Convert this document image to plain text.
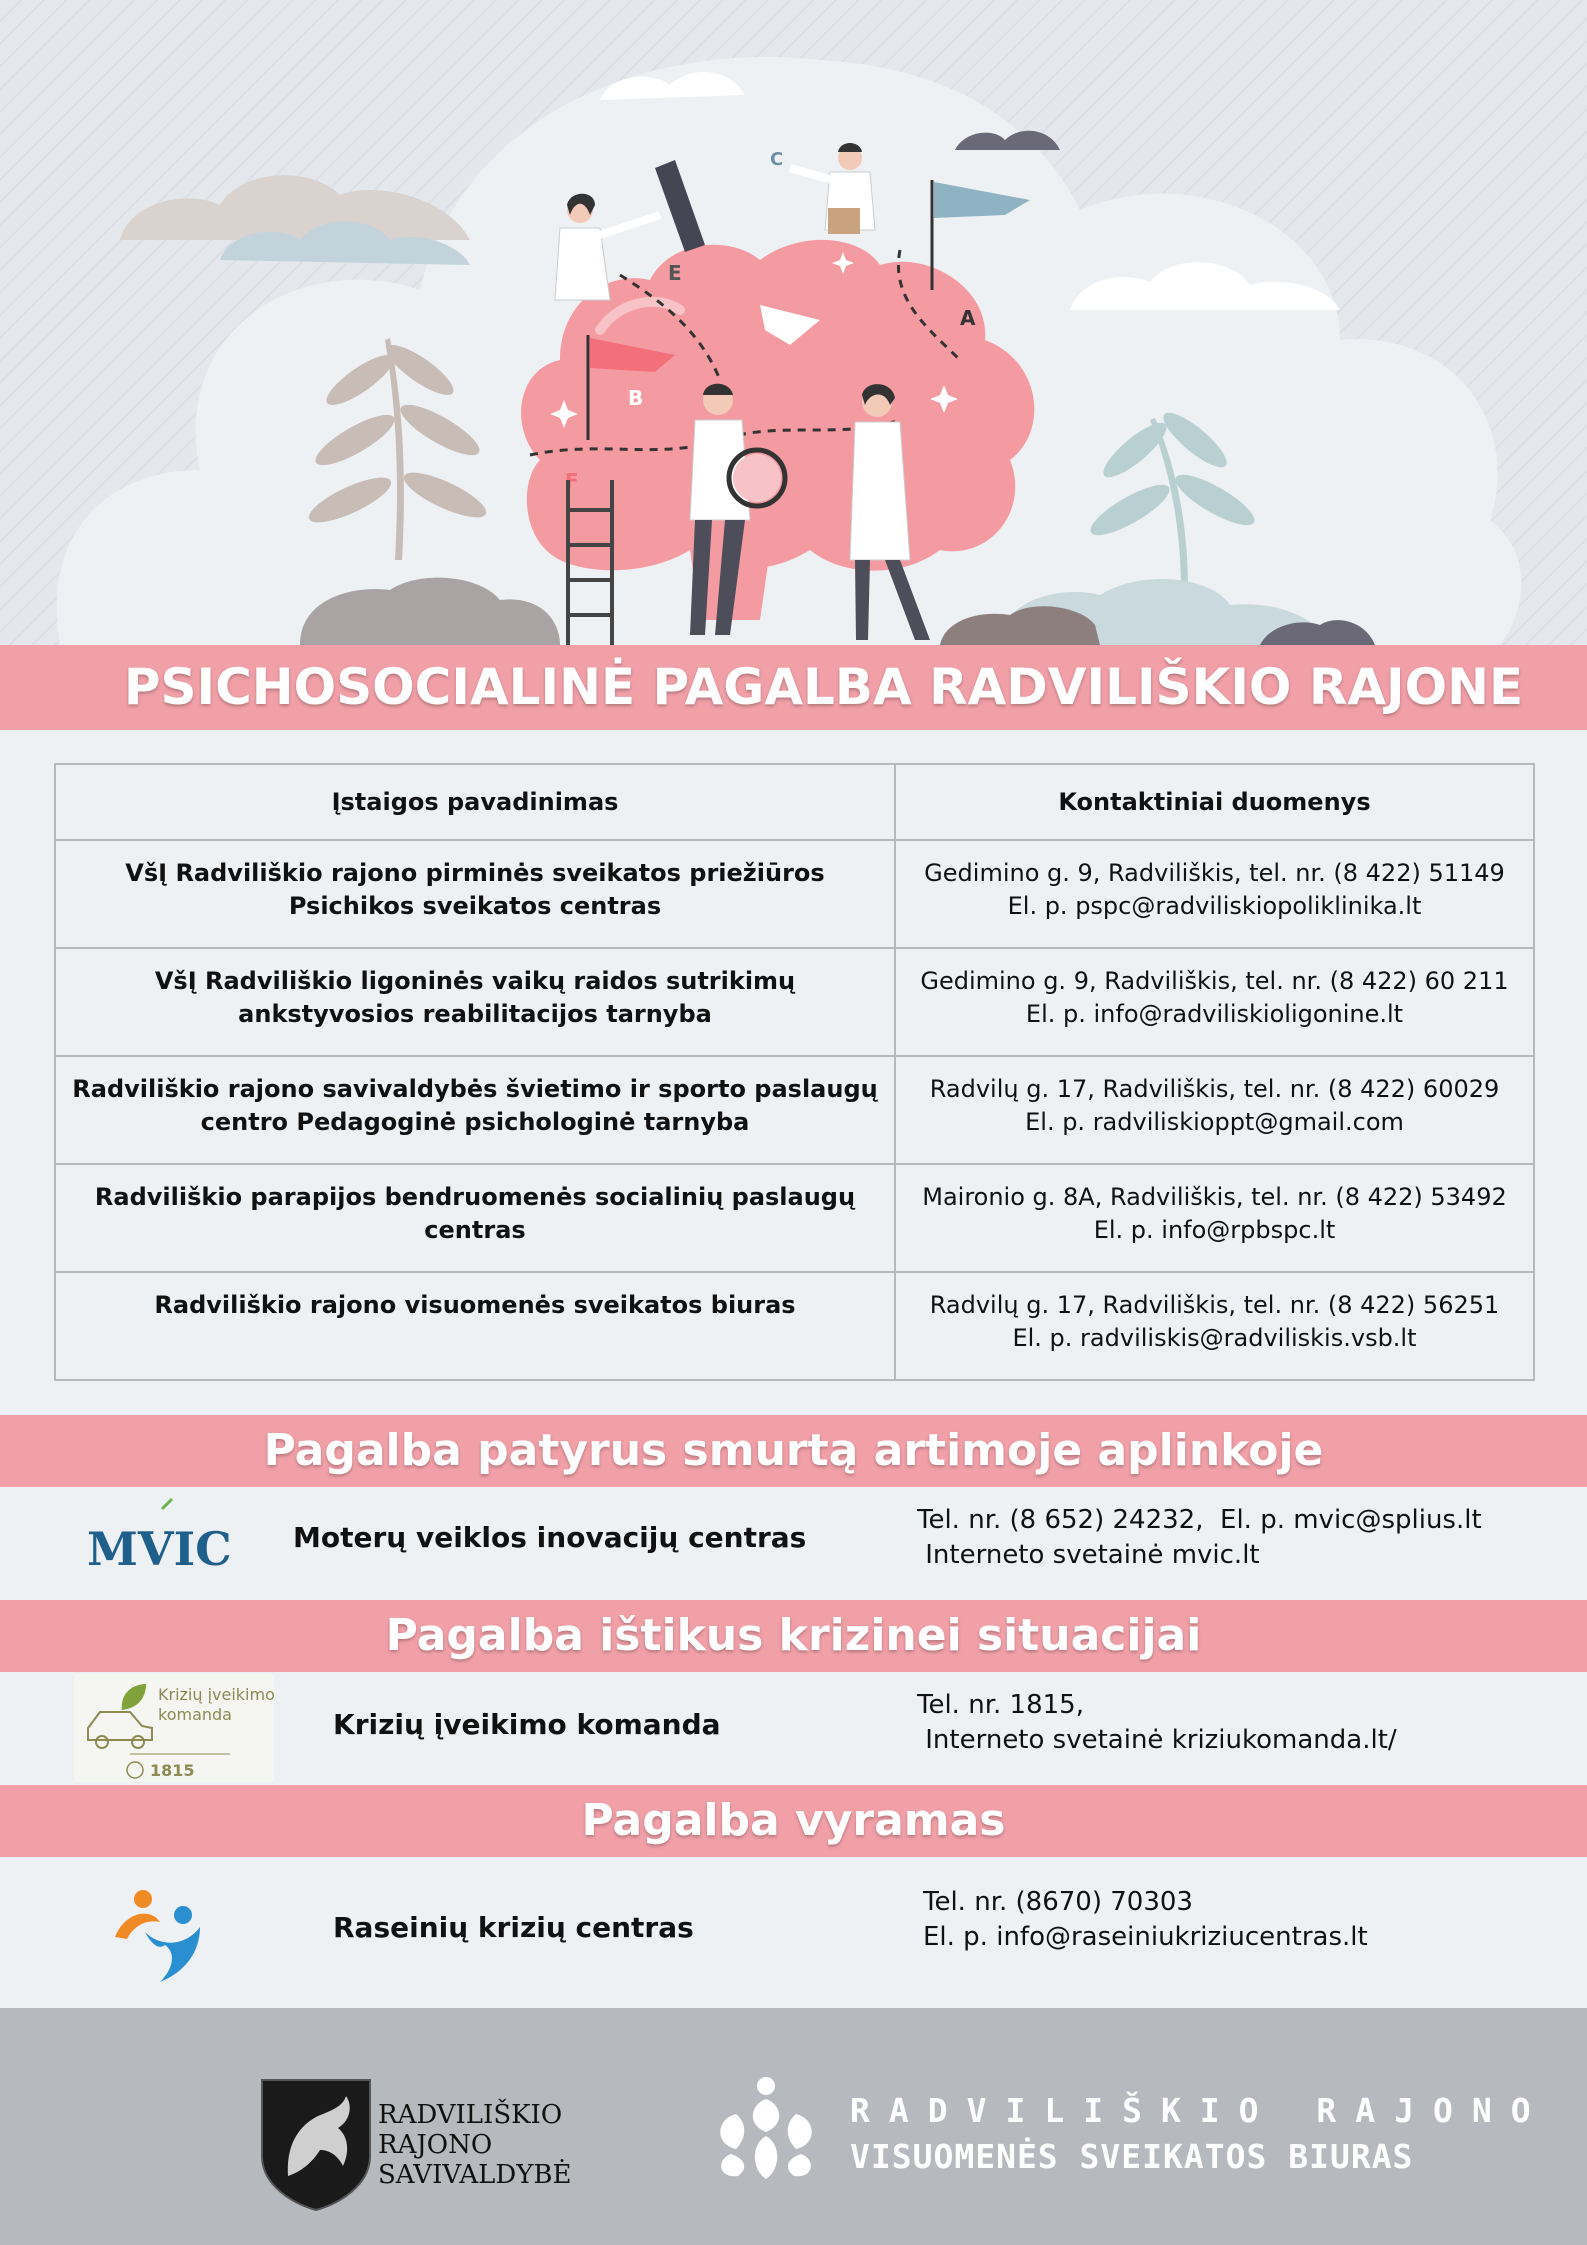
C
E
A
B
F
PSICHOSOCIALINĖ PAGALBA RADVILIŠKIO RAJONE
Įstaigos pavadinimas	Kontaktiniai duomenys
VšĮ Radviliškio rajono pirminės sveikatos priežiūros Psichikos sveikatos centras	Gedimino g. 9, Radviliškis, tel. nr. (8 422) 51149
El. p. pspc@radviliskiopoliklinika.lt
VšĮ Radviliškio ligoninės vaikų raidos sutrikimų ankstyvosios reabilitacijos tarnyba	Gedimino g. 9, Radviliškis, tel. nr. (8 422) 60 211
El. p. info@radviliskioligonine.lt
Radviliškio rajono savivaldybės švietimo ir sporto paslaugų centro Pedagoginė psichologinė tarnyba	Radvilų g. 17, Radviliškis, tel. nr. (8 422) 60029
El. p. radviliskioppt@gmail.com
Radviliškio parapijos bendruomenės socialinių paslaugų centras	Maironio g. 8A, Radviliškis, tel. nr. (8 422) 53492
El. p. info@rpbspc.lt
Radviliškio rajono visuomenės sveikatos biuras	Radvilų g. 17, Radviliškis, tel. nr. (8 422) 56251
El. p. radviliskis@radviliskis.vsb.lt
Pagalba patyrus smurtą artimoje aplinkoje
MVIC Moterų veiklos inovacijų centras
Tel. nr. (8 652) 24232,  El. p. mvic@splius.lt
Interneto svetainė mvic.lt
Pagalba ištikus krizinei situacijai
Krizių įveikimo
komanda
1815
Krizių įveikimo komanda
Tel. nr. 1815,
Interneto svetainė kriziukomanda.lt/
Pagalba vyramas
Raseinių krizių centras
Tel. nr. (8670) 70303
El. p. info@raseiniukriziucentras.lt
RADVILIŠKIO
RAJONO
SAVIVALDYBĖ
RADVILIŠKIO RAJONO
VISUOMENĖS SVEIKATOS BIURAS
